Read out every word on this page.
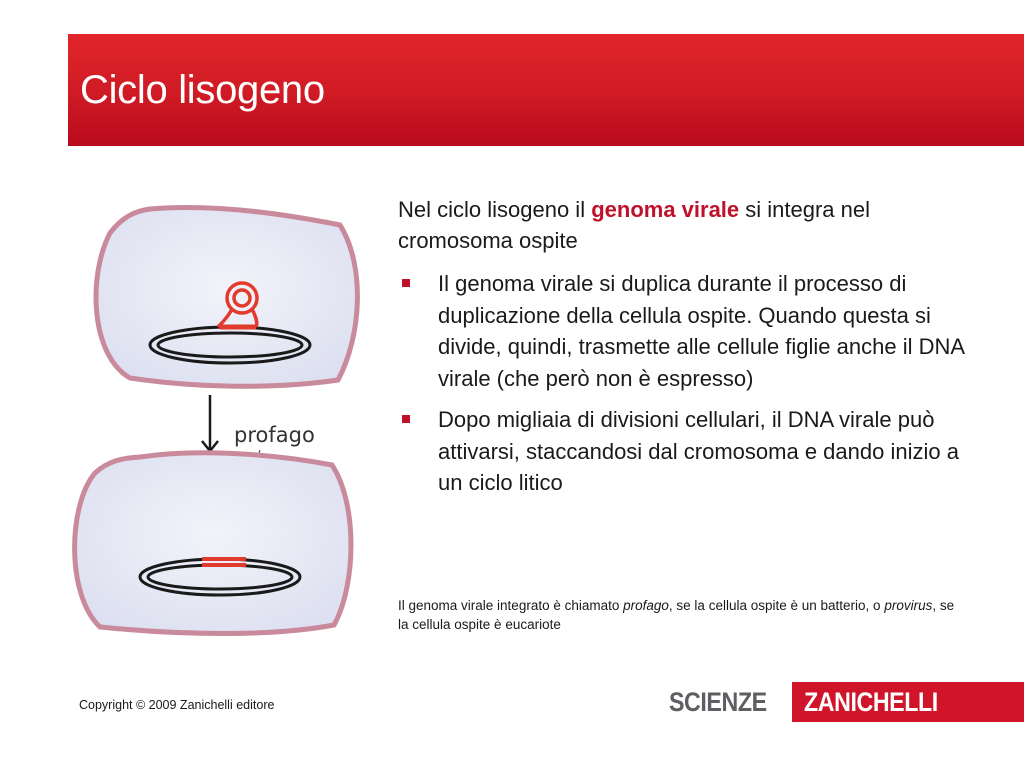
Ciclo lisogeno
profago

Nel ciclo lisogeno il genoma virale si integra nel cromosoma ospite

Il genoma virale si duplica durante il processo di duplicazione della cellula ospite. Quando questa si divide, quindi, trasmette alle cellule figlie anche il DNA virale (che però non è espresso)
Dopo migliaia di divisioni cellulari, il DNA virale può attivarsi, staccandosi dal cromosoma e dando inizio a un ciclo litico
Il genoma virale integrato è chiamato profago, se la cellula ospite è un batterio, o provirus, se la cellula ospite è eucariote
Copyright © 2009 Zanichelli editore	SCIENZE	ZANICHELLI
